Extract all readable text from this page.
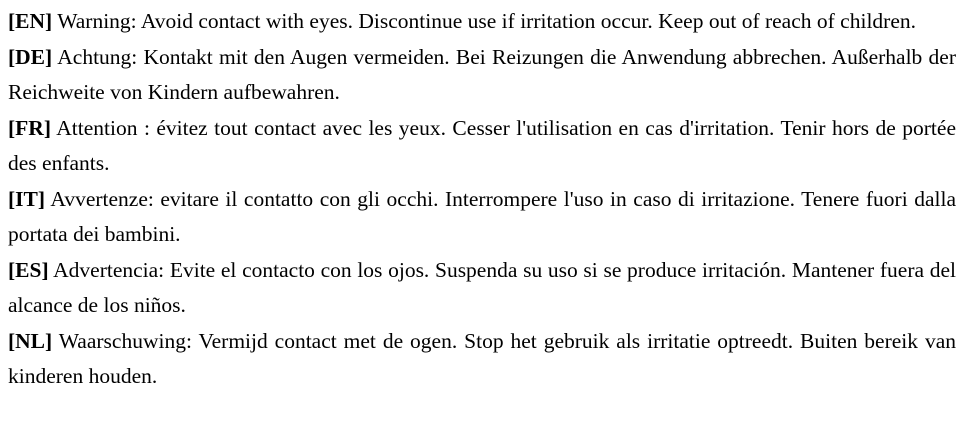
[EN] Warning: Avoid contact with eyes. Discontinue use if irritation occur. Keep out of reach of children.

[DE] Achtung: Kontakt mit den Augen vermeiden. Bei Reizungen die Anwendung abbrechen. Außerhalb der Reichweite von Kindern aufbewahren.

[FR] Attention : évitez tout contact avec les yeux. Cesser l'utilisation en cas d'irritation. Tenir hors de portée des enfants.

[IT] Avvertenze: evitare il contatto con gli occhi. Interrompere l'uso in caso di irritazione. Tenere fuori dalla portata dei bambini.

[ES] Advertencia: Evite el contacto con los ojos. Suspenda su uso si se produce irritación. Mantener fuera del alcance de los niños.

[NL] Waarschuwing: Vermijd contact met de ogen. Stop het gebruik als irritatie optreedt. Buiten bereik van kinderen houden.
